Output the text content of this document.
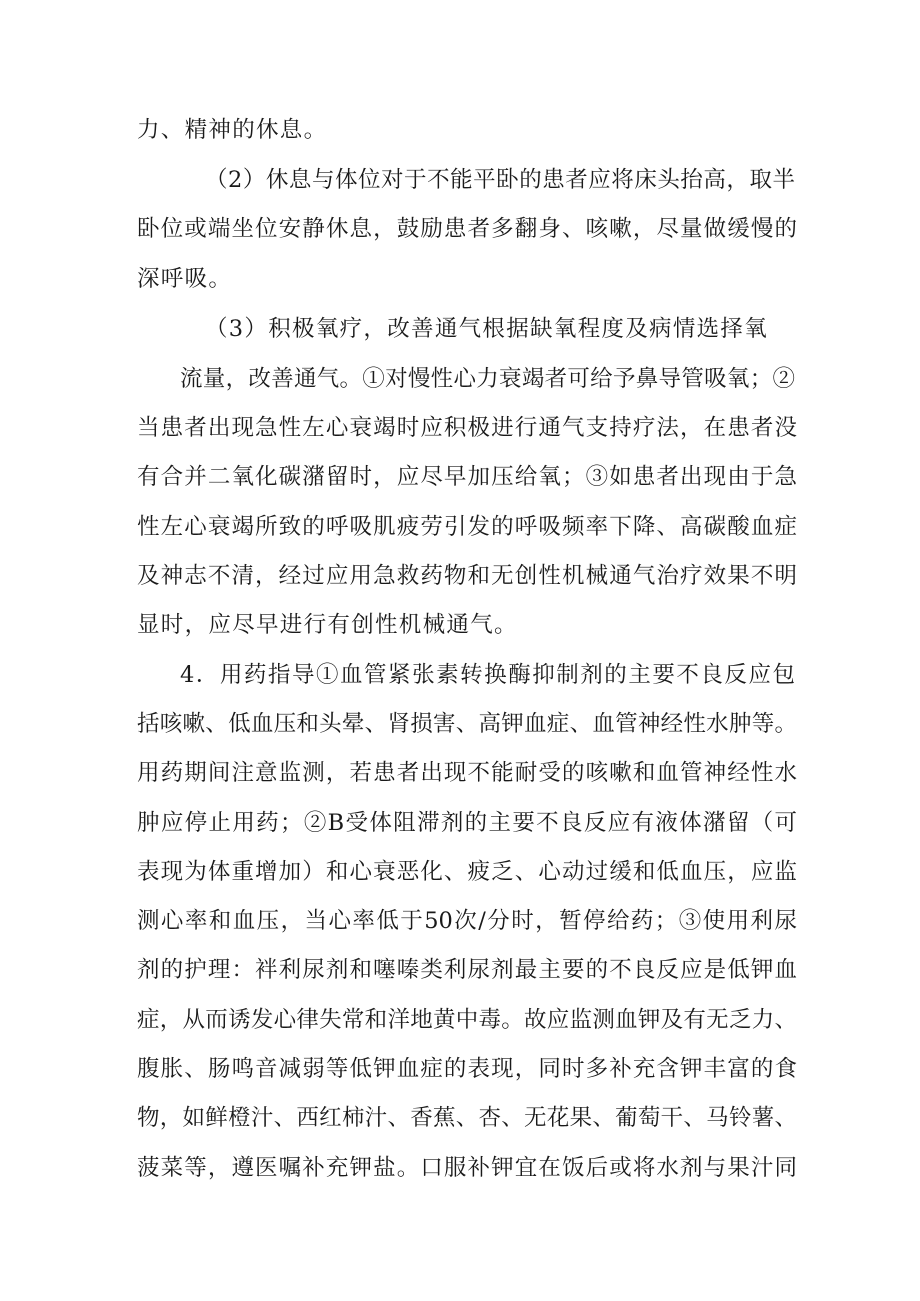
力、精神的休息。
（2）休息与体位对于不能平卧的患者应将床头抬高，取半
卧位或端坐位安静休息，鼓励患者多翻身、咳嗽，尽量做缓慢的
深呼吸。
（3）积极氧疗，改善通气根据缺氧程度及病情选择氧
流量，改善通气。①对慢性心力衰竭者可给予鼻导管吸氧；②
当患者出现急性左心衰竭时应积极进行通气支持疗法，在患者没
有合并二氧化碳潴留时，应尽早加压给氧；③如患者出现由于急
性左心衰竭所致的呼吸肌疲劳引发的呼吸频率下降、高碳酸血症
及神志不清，经过应用急救药物和无创性机械通气治疗效果不明
显时，应尽早进行有创性机械通气。
4．用药指导①血管紧张素转换酶抑制剂的主要不良反应包
括咳嗽、低血压和头晕、肾损害、高钾血症、血管神经性水肿等。
用药期间注意监测，若患者出现不能耐受的咳嗽和血管神经性水
肿应停止用药；②B受体阻滞剂的主要不良反应有液体潴留（可
表现为体重增加）和心衰恶化、疲乏、心动过缓和低血压，应监
测心率和血压，当心率低于50次/分时，暂停给药；③使用利尿
剂的护理：袢利尿剂和噻嗪类利尿剂最主要的不良反应是低钾血
症，从而诱发心律失常和洋地黄中毒。故应监测血钾及有无乏力、
腹胀、肠鸣音减弱等低钾血症的表现，同时多补充含钾丰富的食
物，如鲜橙汁、西红柿汁、香蕉、杏、无花果、葡萄干、马铃薯、
菠菜等，遵医嘱补充钾盐。口服补钾宜在饭后或将水剂与果汁同
